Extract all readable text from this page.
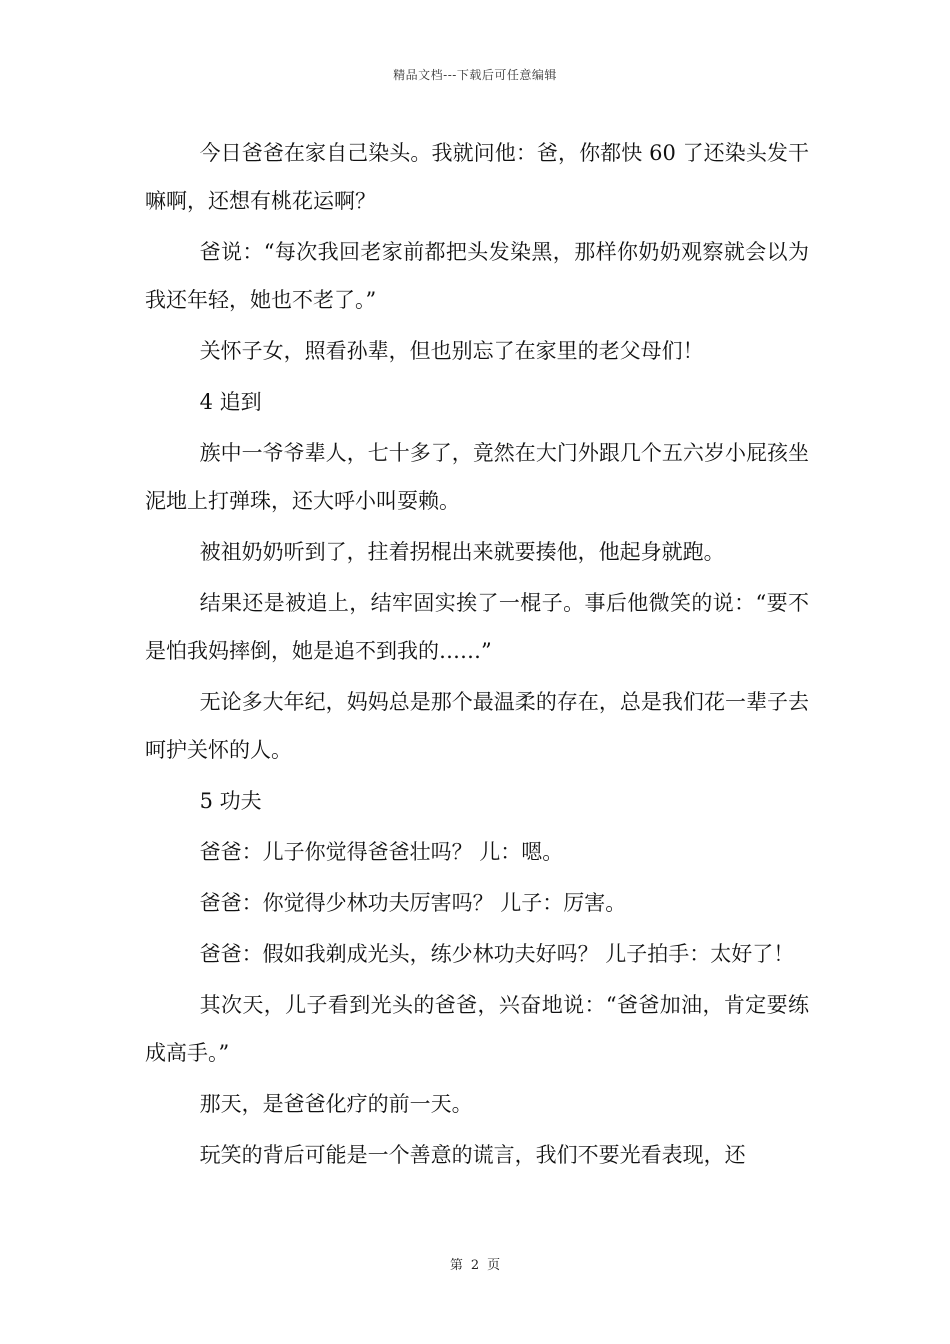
精品文档---下载后可任意编辑

今日爸爸在家自己染头。我就问他：爸，你都快 60 了还染头发干嘛啊，还想有桃花运啊？

爸说：“每次我回老家前都把头发染黑，那样你奶奶观察就会以为我还年轻，她也不老了。”

关怀子女，照看孙辈，但也别忘了在家里的老父母们！

4 追到

族中一爷爷辈人，七十多了，竟然在大门外跟几个五六岁小屁孩坐泥地上打弹珠，还大呼小叫耍赖。

被祖奶奶听到了，拄着拐棍出来就要揍他，他起身就跑。

结果还是被追上，结牢固实挨了一棍子。事后他微笑的说：“要不是怕我妈摔倒，她是追不到我的……”

无论多大年纪，妈妈总是那个最温柔的存在，总是我们花一辈子去呵护关怀的人。

5 功夫

爸爸：儿子你觉得爸爸壮吗？ 儿：嗯。

爸爸：你觉得少林功夫厉害吗？ 儿子：厉害。

爸爸：假如我剃成光头，练少林功夫好吗？ 儿子拍手：太好了！

其次天，儿子看到光头的爸爸，兴奋地说：“爸爸加油，肯定要练成高手。”

那天，是爸爸化疗的前一天。

玩笑的背后可能是一个善意的谎言，我们不要光看表现，还

第 2 页
